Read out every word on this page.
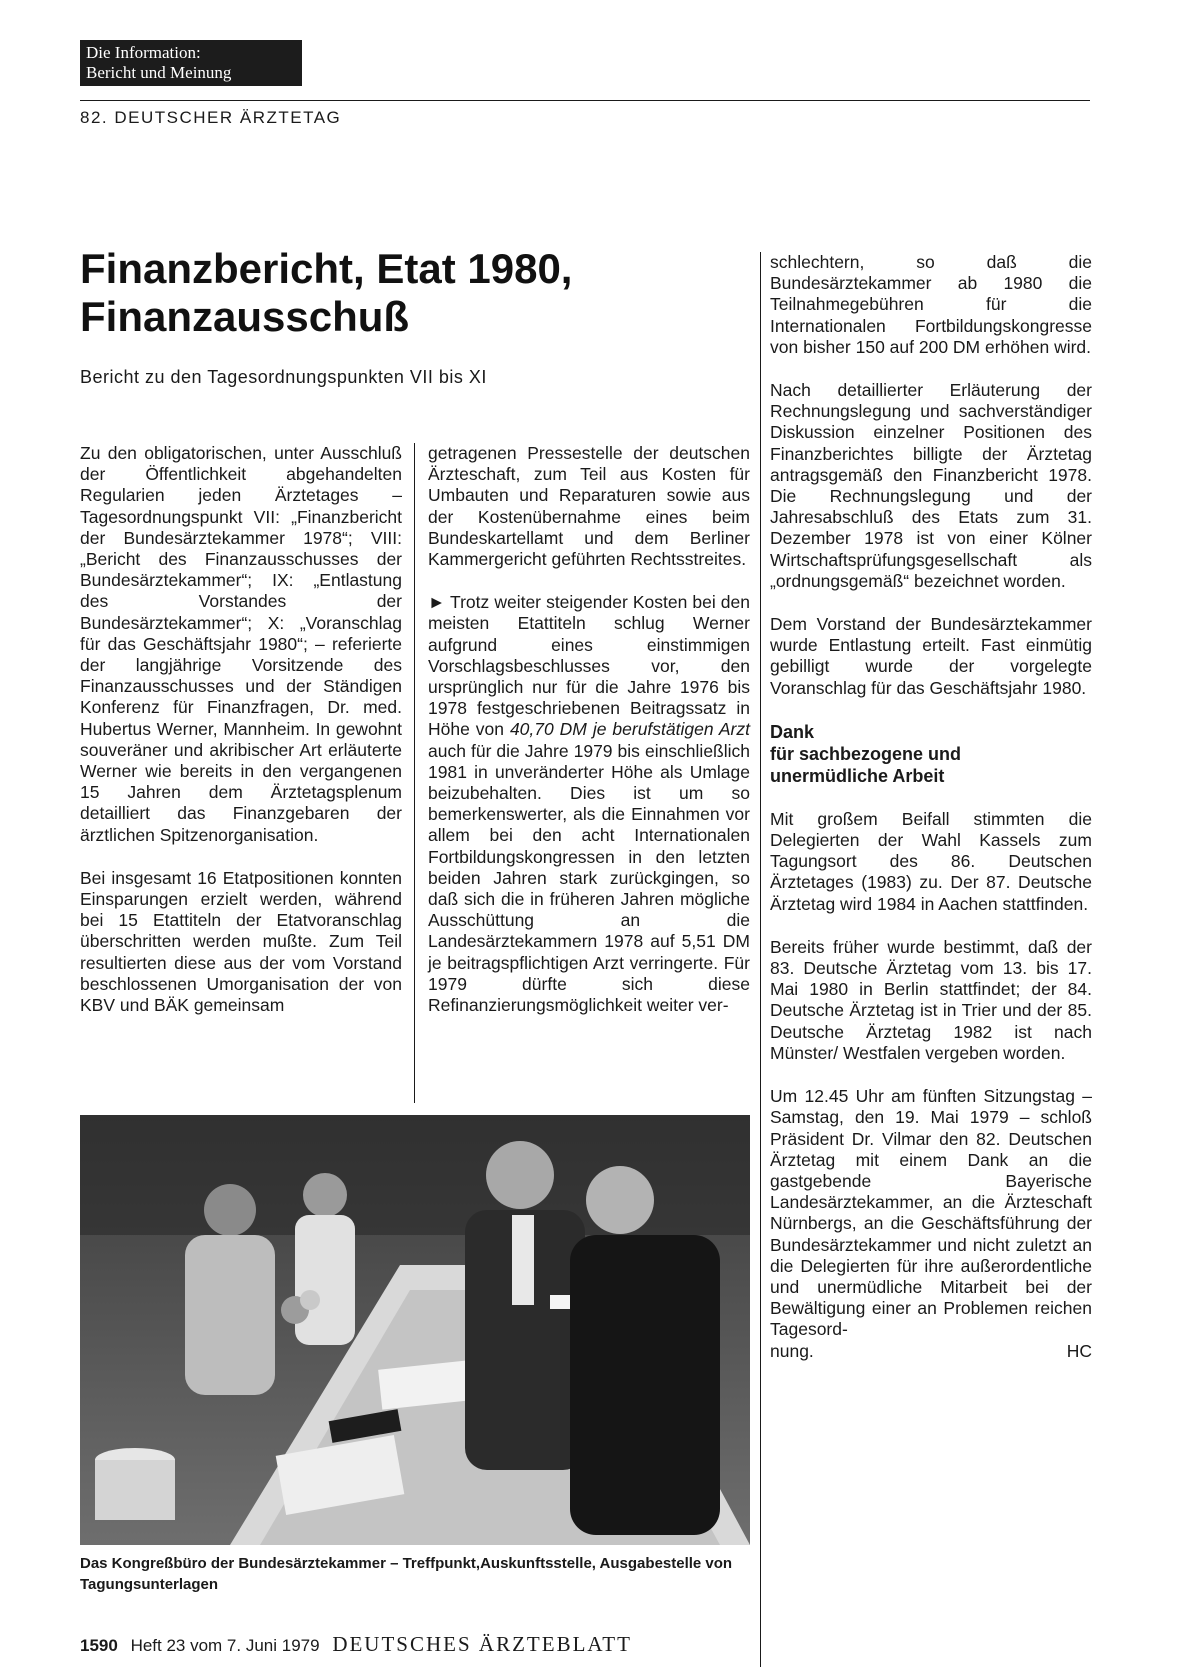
Die Information:
Bericht und Meinung
82. DEUTSCHER ÄRZTETAG
Finanzbericht, Etat 1980,
Finanzausschuß
Bericht zu den Tagesordnungspunkten VII bis XI

Zu den obligatorischen, unter Ausschluß der Öffentlichkeit abgehandelten Regularien jeden Ärztetages – Tagesordnungspunkt VII: „Finanzbericht der Bundesärztekammer 1978“; VIII: „Bericht des Finanzausschusses der Bundesärztekammer“; IX: „Entlastung des Vorstandes der Bundesärztekammer“; X: „Voranschlag für das Geschäftsjahr 1980“; – referierte der langjährige Vorsitzende des Finanzausschusses und der Ständigen Konferenz für Finanzfragen, Dr. med. Hubertus Werner, Mannheim. In gewohnt souveräner und akribischer Art erläuterte Werner wie bereits in den vergangenen 15 Jahren dem Ärztetagsplenum detailliert das Finanzgebaren der ärztlichen Spitzenorganisation.

Bei insgesamt 16 Etatpositionen konnten Einsparungen erzielt werden, während bei 15 Etattiteln der Etatvoranschlag überschritten werden mußte. Zum Teil resultierten diese aus der vom Vorstand beschlossenen Umorganisation der von KBV und BÄK gemeinsam

getragenen Pressestelle der deutschen Ärzteschaft, zum Teil aus Kosten für Umbauten und Reparaturen sowie aus der Kostenübernahme eines beim Bundeskartellamt und dem Berliner Kammergericht geführten Rechtsstreites.

► Trotz weiter steigender Kosten bei den meisten Etattiteln schlug Werner aufgrund eines einstimmigen Vorschlagsbeschlusses vor, den ursprünglich nur für die Jahre 1976 bis 1978 festgeschriebenen Beitragssatz in Höhe von 40,70 DM je berufstätigen Arzt auch für die Jahre 1979 bis einschließlich 1981 in unveränderter Höhe als Umlage beizubehalten. Dies ist um so bemerkenswerter, als die Einnahmen vor allem bei den acht Internationalen Fortbildungskongressen in den letzten beiden Jahren stark zurückgingen, so daß sich die in früheren Jahren mögliche Ausschüttung an die Landesärztekammern 1978 auf 5,51 DM je beitragspflichtigen Arzt verringerte. Für 1979 dürfte sich diese Refinanzierungsmöglichkeit weiter ver-

schlechtern, so daß die Bundesärztekammer ab 1980 die Teilnahmegebühren für die Internationalen Fortbildungskongresse von bisher 150 auf 200 DM erhöhen wird.

Nach detaillierter Erläuterung der Rechnungslegung und sachverständiger Diskussion einzelner Positionen des Finanzberichtes billigte der Ärztetag antragsgemäß den Finanzbericht 1978. Die Rechnungslegung und der Jahresabschluß des Etats zum 31. Dezember 1978 ist von einer Kölner Wirtschaftsprüfungsgesellschaft als „ordnungsgemäß“ bezeichnet worden.

Dem Vorstand der Bundesärztekammer wurde Entlastung erteilt. Fast einmütig gebilligt wurde der vorgelegte Voranschlag für das Geschäftsjahr 1980.

Dank
für sachbezogene und
unermüdliche Arbeit

Mit großem Beifall stimmten die Delegierten der Wahl Kassels zum Tagungsort des 86. Deutschen Ärztetages (1983) zu. Der 87. Deutsche Ärztetag wird 1984 in Aachen stattfinden.

Bereits früher wurde bestimmt, daß der 83. Deutsche Ärztetag vom 13. bis 17. Mai 1980 in Berlin stattfindet; der 84. Deutsche Ärztetag ist in Trier und der 85. Deutsche Ärztetag 1982 ist nach Münster/ Westfalen vergeben worden.

Um 12.45 Uhr am fünften Sitzungstag – Samstag, den 19. Mai 1979 – schloß Präsident Dr. Vilmar den 82. Deutschen Ärztetag mit einem Dank an die gastgebende Bayerische Landesärztekammer, an die Ärzteschaft Nürnbergs, an die Geschäftsführung der Bundesärztekammer und nicht zuletzt an die Delegierten für ihre außerordentliche und unermüdliche Mitarbeit bei der Bewältigung einer an Problemen reichen Tagesord-

nung.	HC
Das Kongreßbüro der Bundesärztekammer – Treffpunkt,Auskunftsstelle, Ausgabestelle von Tagungsunterlagen
1590 Heft 23 vom 7. Juni 1979 DEUTSCHES ÄRZTEBLATT
